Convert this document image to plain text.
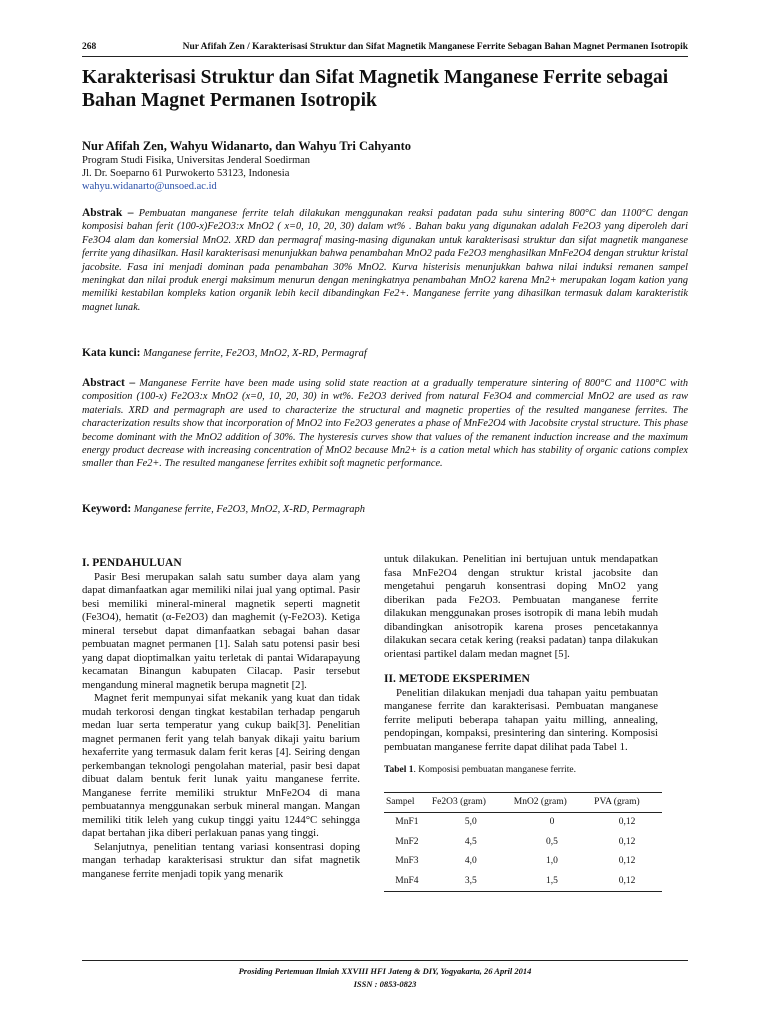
268	Nur Afifah Zen / Karakterisasi Struktur dan Sifat Magnetik Manganese Ferrite Sebagan Bahan Magnet Permanen Isotropik
Karakterisasi Struktur dan Sifat Magnetik Manganese Ferrite sebagai Bahan Magnet Permanen Isotropik
Nur Afifah Zen, Wahyu Widanarto, dan Wahyu Tri Cahyanto
Program Studi Fisika, Universitas Jenderal Soedirman
Jl. Dr. Soeparno 61 Purwokerto 53123, Indonesia
wahyu.widanarto@unsoed.ac.id
Abstrak – Pembuatan manganese ferrite telah dilakukan menggunakan reaksi padatan pada suhu sintering 800°C dan 1100°C dengan komposisi bahan ferit (100-x)Fe2O3:x MnO2 ( x=0, 10, 20, 30) dalam wt% . Bahan baku yang digunakan adalah Fe2O3 yang diperoleh dari Fe3O4 alam dan komersial MnO2. XRD dan permagraf masing-masing digunakan untuk karakterisasi struktur dan sifat magnetik manganese ferrite yang dihasilkan. Hasil karakterisasi menunjukkan bahwa penambahan MnO2 pada Fe2O3 menghasilkan MnFe2O4 dengan struktur kristal jacobsite. Fasa ini menjadi dominan pada penambahan 30% MnO2. Kurva histerisis menunjukkan bahwa nilai induksi remanen sampel meningkat dan nilai produk energi maksimum menurun dengan meningkatnya penambahan MnO2 karena Mn2+ merupakan logam kation yang memiliki kestabilan kompleks kation organik lebih kecil dibandingkan Fe2+. Manganese ferrite yang dihasilkan termasuk dalam karakteristik magnet lunak.
Kata kunci: Manganese ferrite, Fe2O3, MnO2, X-RD, Permagraf
Abstract – Manganese Ferrite have been made using solid state reaction at a gradually temperature sintering of 800°C and 1100°C with composition (100-x) Fe2O3:x MnO2 (x=0, 10, 20, 30) in wt%. Fe2O3 derived from natural Fe3O4 and commercial MnO2 are used as raw materials. XRD and permagraph are used to characterize the structural and magnetic properties of the resulted manganese ferrites. The characterization results show that incorporation of MnO2 into Fe2O3 generates a phase of MnFe2O4 with Jacobsite crystal structure. This phase become dominant with the MnO2 addition of 30%. The hysteresis curves show that values of the remanent induction increase and the maximum energy product decrease with increasing concentration of MnO2 because Mn2+ is a cation metal which has stability of organic cations complex smaller than Fe2+. The resulted manganese ferrites exhibit soft magnetic performance.
Keyword: Manganese ferrite, Fe2O3, MnO2, X-RD, Permagraph
I. PENDAHULUAN

Pasir Besi merupakan salah satu sumber daya alam yang dapat dimanfaatkan agar memiliki nilai jual yang optimal. Pasir besi memiliki mineral-mineral magnetik seperti magnetit (Fe3O4), hematit (α-Fe2O3) dan maghemit (γ-Fe2O3). Ketiga mineral tersebut dapat dimanfaatkan sebagai bahan dasar pembuatan magnet permanen [1]. Salah satu potensi pasir besi yang dapat dioptimalkan yaitu terletak di pantai Widarapayung kecamatan Binangun kabupaten Cilacap. Pasir tersebut mengandung mineral magnetik berupa magnetit [2].

Magnet ferit mempunyai sifat mekanik yang kuat dan tidak mudah terkorosi dengan tingkat kestabilan terhadap pengaruh medan luar serta temperatur yang cukup baik[3]. Penelitian magnet permanen ferit yang telah banyak dikaji yaitu barium hexaferrite yang termasuk dalam ferit keras [4]. Seiring dengan perkembangan teknologi pengolahan material, pasir besi dapat dibuat dalam bentuk ferit lunak yaitu manganese ferrite. Manganese ferrite memiliki struktur MnFe2O4 di mana pembuatannya menggunakan serbuk mineral mangan. Mangan memiliki titik leleh yang cukup tinggi yaitu 1244°C sehingga dapat bertahan jika diberi perlakuan panas yang tinggi.

Selanjutnya, penelitian tentang variasi konsentrasi doping mangan terhadap karakterisasi struktur dan sifat magnetik manganese ferrite menjadi topik yang menarik

untuk dilakukan. Penelitian ini bertujuan untuk mendapatkan fasa MnFe2O4 dengan struktur kristal jacobsite dan mengetahui pengaruh konsentrasi doping MnO2 yang diberikan pada Fe2O3. Pembuatan manganese ferrite dilakukan menggunakan proses isotropik di mana lebih mudah dibandingkan anisotropik karena proses pencetakannya dilakukan secara cetak kering (reaksi padatan) tanpa dilakukan orientasi partikel dalam medan magnet [5].

II. METODE EKSPERIMEN

Penelitian dilakukan menjadi dua tahapan yaitu pembuatan manganese ferrite dan karakterisasi. Pembuatan manganese ferrite meliputi beberapa tahapan yaitu milling, annealing, pendopingan, kompaksi, presintering dan sintering. Komposisi pembuatan manganese ferrite dapat dilihat pada Tabel 1.

Tabel 1. Komposisi pembuatan manganese ferrite.
Sampel	Fe2O3 (gram)	MnO2 (gram)	PVA (gram)
MnF1	5,0	0	0,12
MnF2	4,5	0,5	0,12
MnF3	4,0	1,0	0,12
MnF4	3,5	1,5	0,12
Prosiding Pertemuan Ilmiah XXVIII HFI Jateng & DIY, Yogyakarta, 26 April 2014
ISSN : 0853-0823
